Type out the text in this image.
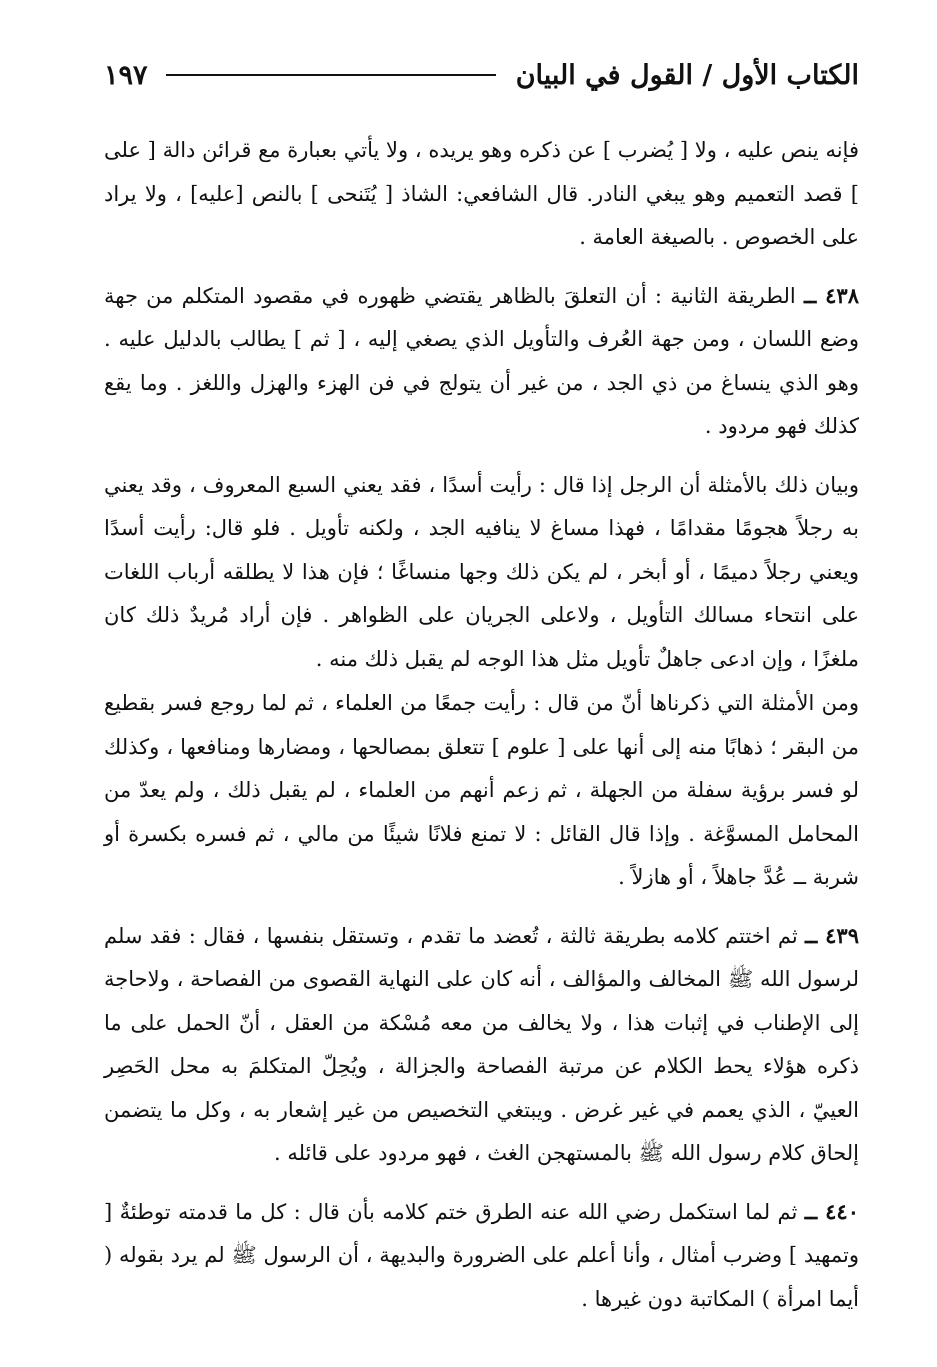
الكتاب الأول / القول في البيان
١٩٧

فإنه ينص عليه ، ولا [ يُضرب ] عن ذكره وهو يريده ، ولا يأتي بعبارة مع قرائن دالة [ على ] قصد التعميم وهو يبغي النادر. قال الشافعي: الشاذ [ يُتَنحى ] بالنص [عليه] ، ولا يراد على الخصوص . بالصيغة العامة .

٤٣٨ ــ الطريقة الثانية : أن التعلقَ بالظاهر يقتضي ظهوره في مقصود المتكلم من جهة وضع اللسان ، ومن جهة العُرف والتأويل الذي يصغي إليه ، [ ثم ] يطالب بالدليل عليه . وهو الذي ينساغ من ذي الجد ، من غير أن يتولج في فن الهزء والهزل واللغز . وما يقع كذلك فهو مردود .

وبيان ذلك بالأمثلة أن الرجل إذا قال : رأيت أسدًا ، فقد يعني السبع المعروف ، وقد يعني به رجلاً هجومًا مقدامًا ، فهذا مساغ لا ينافيه الجد ، ولكنه تأويل . فلو قال: رأيت أسدًا ويعني رجلاً دميمًا ، أو أبخر ، لم يكن ذلك وجها منساغًا ؛ فإن هذا لا يطلقه أرباب اللغات على انتحاء مسالك التأويل ، ولاعلى الجريان على الظواهر . فإن أراد مُريدٌ ذلك كان ملغزًا ، وإن ادعى جاهلٌ تأويل مثل هذا الوجه لم يقبل ذلك منه .

ومن الأمثلة التي ذكرناها أنّ من قال : رأيت جمعًا من العلماء ، ثم لما روجع فسر بقطيع من البقر ؛ ذهابًا منه إلى أنها على [ علوم ] تتعلق بمصالحها ، ومضارها ومنافعها ، وكذلك لو فسر برؤية سفلة من الجهلة ، ثم زعم أنهم من العلماء ، لم يقبل ذلك ، ولم يعدّ من المحامل المسوَّغة . وإذا قال القائل : لا تمنع فلانًا شيئًا من مالي ، ثم فسره بكسرة أو شربة ــ عُدَّ جاهلاً ، أو هازلاً .

٤٣٩ ــ ثم اختتم كلامه بطريقة ثالثة ، تُعضد ما تقدم ، وتستقل بنفسها ، فقال : فقد سلم لرسول الله ﷺ المخالف والمؤالف ، أنه كان على النهاية القصوى من الفصاحة ، ولاحاجة إلى الإطناب في إثبات هذا ، ولا يخالف من معه مُسْكة من العقل ، أنّ الحمل على ما ذكره هؤلاء يحط الكلام عن مرتبة الفصاحة والجزالة ، ويُحِلّ المتكلمَ به محل الحَصِر العييّ ، الذي يعمم في غير غرض . ويبتغي التخصيص من غير إشعار به ، وكل ما يتضمن إلحاق كلام رسول الله ﷺ بالمستهجن الغث ، فهو مردود على قائله .

٤٤٠ ــ ثم لما استكمل رضي الله عنه الطرق ختم كلامه بأن قال : كل ما قدمته توطئةٌ [ وتمهيد ] وضرب أمثال ، وأنا أعلم على الضرورة والبديهة ، أن الرسول ﷺ لم يرد بقوله ( أيما امرأة ) المكاتبة دون غيرها .
